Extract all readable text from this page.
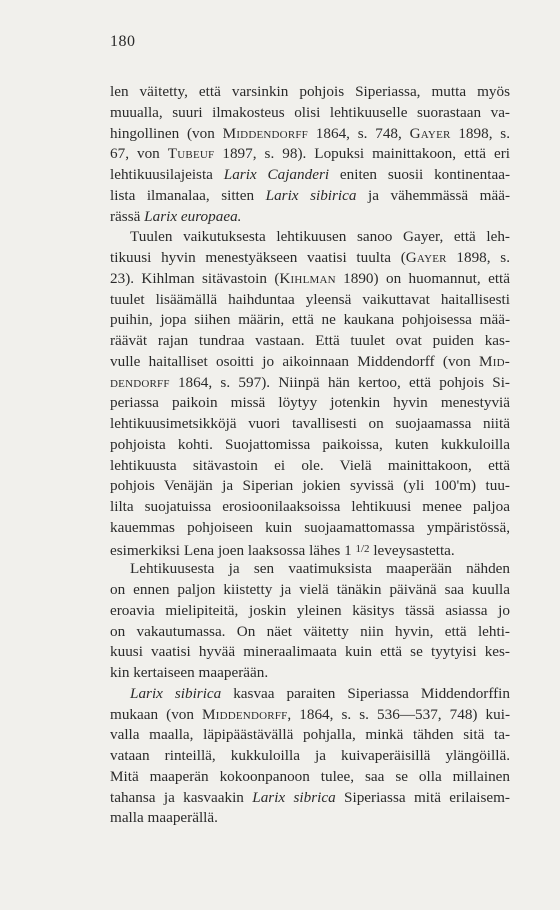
180
len väitetty, että varsinkin pohjois Siperiassa, mutta myös
muualla, suuri ilmakosteus olisi lehtikuuselle suorastaan va-
hingollinen (von Middendorff 1864, s. 748, Gayer 1898, s.
67, von Tubeuf 1897, s. 98). Lopuksi mainittakoon, että eri
lehtikuusilajeista Larix Cajanderi eniten suosii kontinentaa-
lista ilmanalaa, sitten Larix sibirica ja vähemmässä mää-
rässä Larix europaea.
Tuulen vaikutuksesta lehtikuusen sanoo Gayer, että leh-
tikuusi hyvin menestyäkseen vaatisi tuulta (Gayer 1898, s.
23). Kihlman sitävastoin (Kihlman 1890) on huomannut, että
tuulet lisäämällä haihduntaa yleensä vaikuttavat haitallisesti
puihin, jopa siihen määrin, että ne kaukana pohjoisessa mää-
räävät rajan tundraa vastaan. Että tuulet ovat puiden kas-
vulle haitalliset osoitti jo aikoinnaan Middendorff (von Mid-
dendorff 1864, s. 597). Niinpä hän kertoo, että pohjois Si-
periassa paikoin missä löytyy jotenkin hyvin menestyviä
lehtikuusimetsikköjä vuori tavallisesti on suojaamassa niitä
pohjoista kohti. Suojattomissa paikoissa, kuten kukkuloilla
lehtikuusta sitävastoin ei ole. Vielä mainittakoon, että
pohjois Venäjän ja Siperian jokien syvissä (yli 100'm) tuu-
lilta suojatuissa erosioonilaaksoissa lehtikuusi menee paljoa
kauemmas pohjoiseen kuin suojaamattomassa ympäristössä,
esimerkiksi Lena joen laaksossa lähes 1 1/2 leveysastetta.
Lehtikuusesta ja sen vaatimuksista maaperään nähden
on ennen paljon kiistetty ja vielä tänäkin päivänä saa kuulla
eroavia mielipiteitä, joskin yleinen käsitys tässä asiassa jo
on vakautumassa. On näet väitetty niin hyvin, että lehti-
kuusi vaatisi hyvää mineraalimaata kuin että se tyytyisi kes-
kin kertaiseen maaperään.
Larix sibirica kasvaa paraiten Siperiassa Middendorffin
mukaan (von Middendorff, 1864, s. s. 536—537, 748) kui-
valla maalla, läpipäästävällä pohjalla, minkä tähden sitä ta-
vataan rinteillä, kukkuloilla ja kuivaperäisillä ylängöillä.
Mitä maaperän kokoonpanoon tulee, saa se olla millainen
tahansa ja kasvaakin Larix sibrica Siperiassa mitä erilaisem-
malla maaperällä.
